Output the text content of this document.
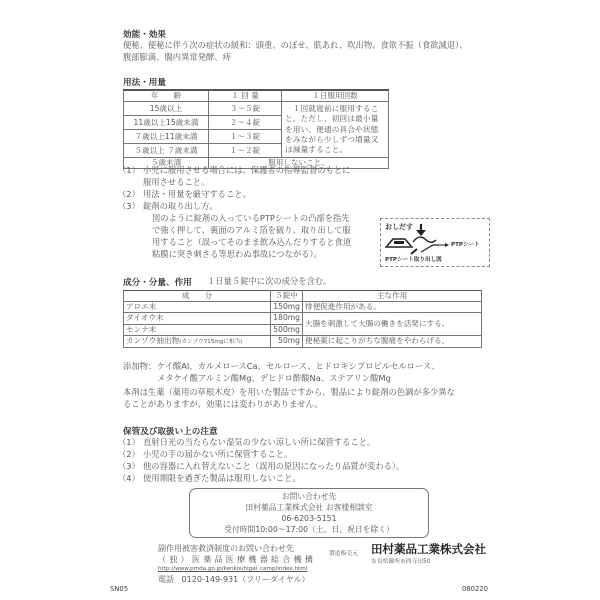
効能・効果
便秘、便秘に伴う次の症状の緩和：頭重、のぼせ、肌あれ、吹出物、食欲不振（食欲減退）、
腹部膨満、腸内異常発酵、痔
用法・用量
年　　齢	１ 回 量	１日服用回数
15歳以上	３～５錠	　１回就寝前に服用すること。ただし、初回は最小量を用い、便通の具合や状態をみながら少しずつ増量又は減量すること。
11歳以上15歳未満	２～４錠	
７歳以上11歳未満	１～３錠	
５歳以上 ７歳未満	１～２錠	
５歳未満	服用しないこと。	
（1） 小児に服用させる場合には、保護者の指導監督のもとに
服用させること。
（2） 用法・用量を厳守すること。
（3） 錠剤の取り出し方。
図のように錠剤の入っているPTPシートの凸部を指先
で強く押して、裏面のアルミ箔を破り、取り出して服
用すること（誤ってそのまま飲み込んだりすると食道
粘膜に突き刺さる等思わぬ事故につながる）。
おしだす
PTPシート
PTPシート取り出し図
成分・分量、作用 １日量５錠中に次の成分を含む。
成　　分	５錠中	主な作用
アロエ末	150mg	排便促進作用がある。
ダイオウ末	180mg	大腸を刺激して大腸の働きを活発にする。
センナ末	500mg	
カンゾウ抽出物(カンゾウ715mgに相当)	50mg	便秘薬に起こりがちな腹痛をやわらげる。
添加物： ケイ酸Al、カルメロースCa、セルロース、ヒドロキシプロピルセルロース、
メタケイ酸アルミン酸Mg、デヒドロ酢酸Na、ステアリン酸Mg
本剤は生薬（薬用の草根木皮）を用いた製品ですから、製品により錠剤の色調が多少異な
ることがありますが、効果には変わりがありません。
保管及び取扱い上の注意
（1） 直射日光の当たらない湿気の少ない涼しい所に保管すること。
（2） 小児の手の届かない所に保管すること。
（3） 他の容器に入れ替えないこと（誤用の原因になったり品質が変わる）。
（4） 使用期限を過ぎた製品は服用しないこと。
お問い合わせ先
田村薬品工業株式会社 お客様相談室
06-6203-5151
受付時間10:00～17:00（土、日、祝日を除く）
副作用被害救済制度のお問い合わせ先
（独）医薬品医療機器総合機構
http://www.pmda.go.jp/kenkouhigai_camp/index.html
電話 0120-149-931（フリーダイヤル）
製造販売元 田村薬品工業株式会社
奈良県御所市西寺田50
SN05	080220
